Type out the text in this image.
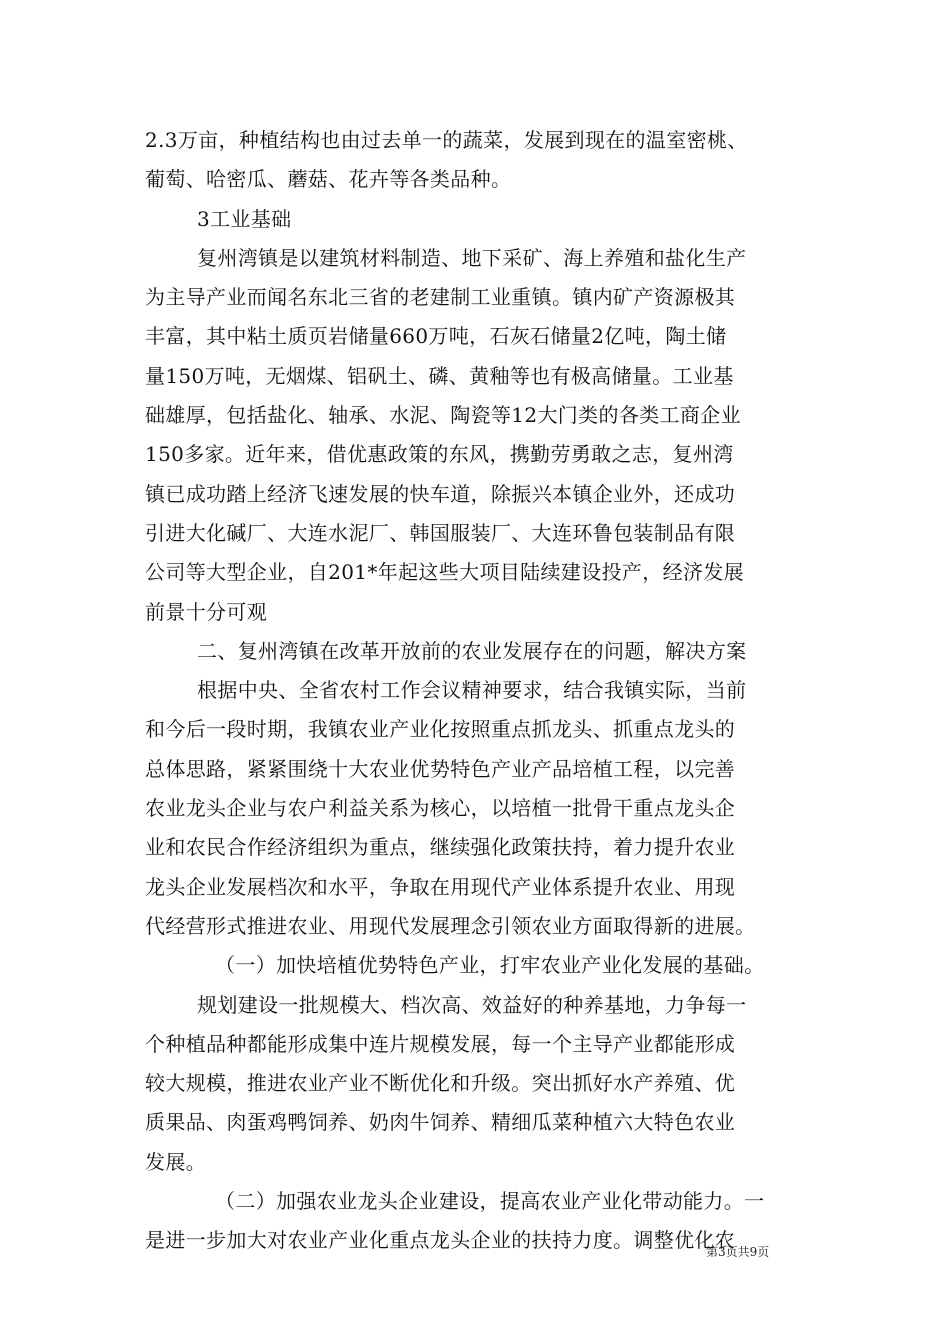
2.3万亩，种植结构也由过去单一的蔬菜，发展到现在的温室密桃、
葡萄、哈密瓜、蘑菇、花卉等各类品种。
3工业基础
复州湾镇是以建筑材料制造、地下采矿、海上养殖和盐化生产
为主导产业而闻名东北三省的老建制工业重镇。镇内矿产资源极其
丰富，其中粘土质页岩储量660万吨，石灰石储量2亿吨，陶土储
量150万吨，无烟煤、铝矾土、磷、黄釉等也有极高储量。工业基
础雄厚，包括盐化、轴承、水泥、陶瓷等12大门类的各类工商企业
150多家。近年来，借优惠政策的东风，携勤劳勇敢之志，复州湾
镇已成功踏上经济飞速发展的快车道，除振兴本镇企业外，还成功
引进大化碱厂、大连水泥厂、韩国服装厂、大连环鲁包装制品有限
公司等大型企业，自201*年起这些大项目陆续建设投产，经济发展
前景十分可观
二、复州湾镇在改革开放前的农业发展存在的问题，解决方案
根据中央、全省农村工作会议精神要求，结合我镇实际，当前
和今后一段时期，我镇农业产业化按照重点抓龙头、抓重点龙头的
总体思路，紧紧围绕十大农业优势特色产业产品培植工程，以完善
农业龙头企业与农户利益关系为核心，以培植一批骨干重点龙头企
业和农民合作经济组织为重点，继续强化政策扶持，着力提升农业
龙头企业发展档次和水平，争取在用现代产业体系提升农业、用现
代经营形式推进农业、用现代发展理念引领农业方面取得新的进展。
（一）加快培植优势特色产业，打牢农业产业化发展的基础。
规划建设一批规模大、档次高、效益好的种养基地，力争每一
个种植品种都能形成集中连片规模发展，每一个主导产业都能形成
较大规模，推进农业产业不断优化和升级。突出抓好水产养殖、优
质果品、肉蛋鸡鸭饲养、奶肉牛饲养、精细瓜菜种植六大特色农业
发展。
（二）加强农业龙头企业建设，提高农业产业化带动能力。一
是进一步加大对农业产业化重点龙头企业的扶持力度。调整优化农
第3页共9页
